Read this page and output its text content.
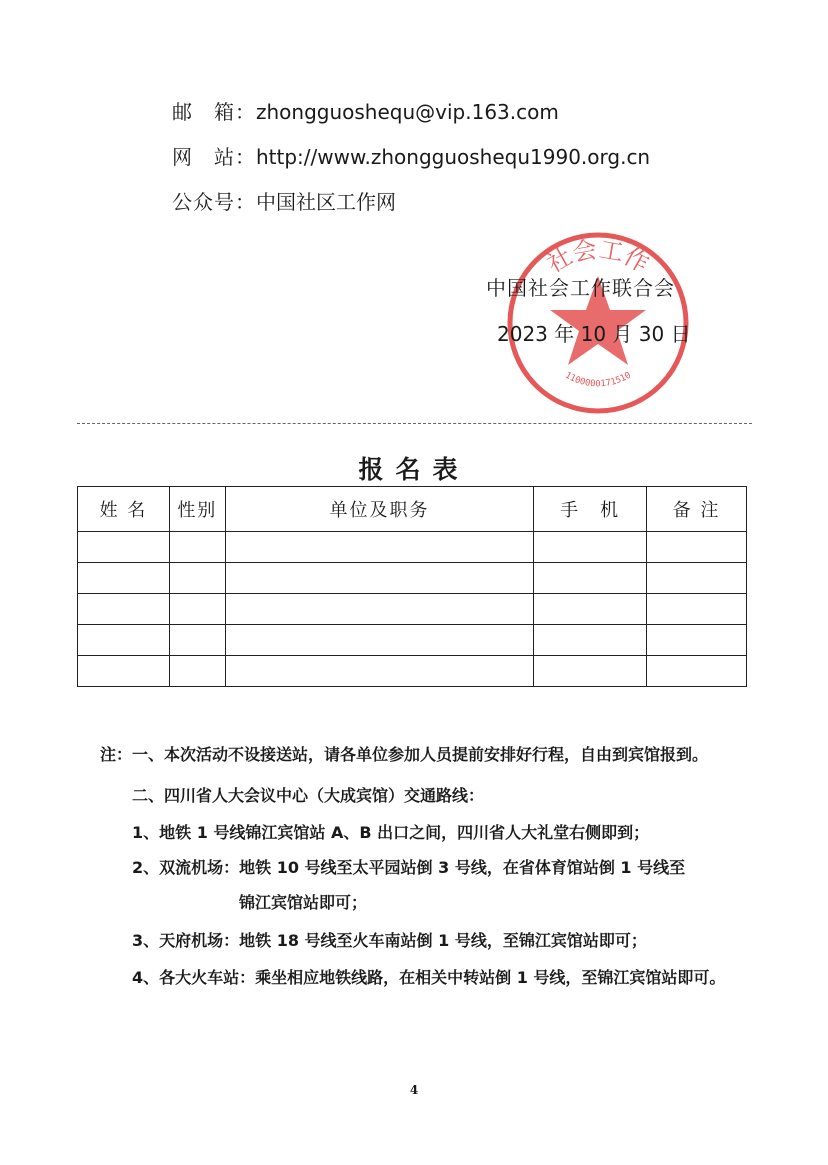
邮　箱：zhongguoshequ@vip.163.com
网　站：http://www.zhongguoshequ1990.org.cn
公众号：中国社区工作网
社会工作
1100000171510
中国社会工作联合会
2023 年 10 月 30 日
报名表
姓 名	性别	单位及职务	手　机	备 注

注：一、本次活动不设接送站，请各单位参加人员提前安排好行程，自由到宾馆报到。
二、四川省人大会议中心（大成宾馆）交通路线：
1、地铁 1 号线锦江宾馆站 A、B 出口之间，四川省人大礼堂右侧即到；
2、双流机场：地铁 10 号线至太平园站倒 3 号线，在省体育馆站倒 1 号线至
锦江宾馆站即可；
3、天府机场：地铁 18 号线至火车南站倒 1 号线，至锦江宾馆站即可；
4、各大火车站：乘坐相应地铁线路，在相关中转站倒 1 号线，至锦江宾馆站即可。
4
